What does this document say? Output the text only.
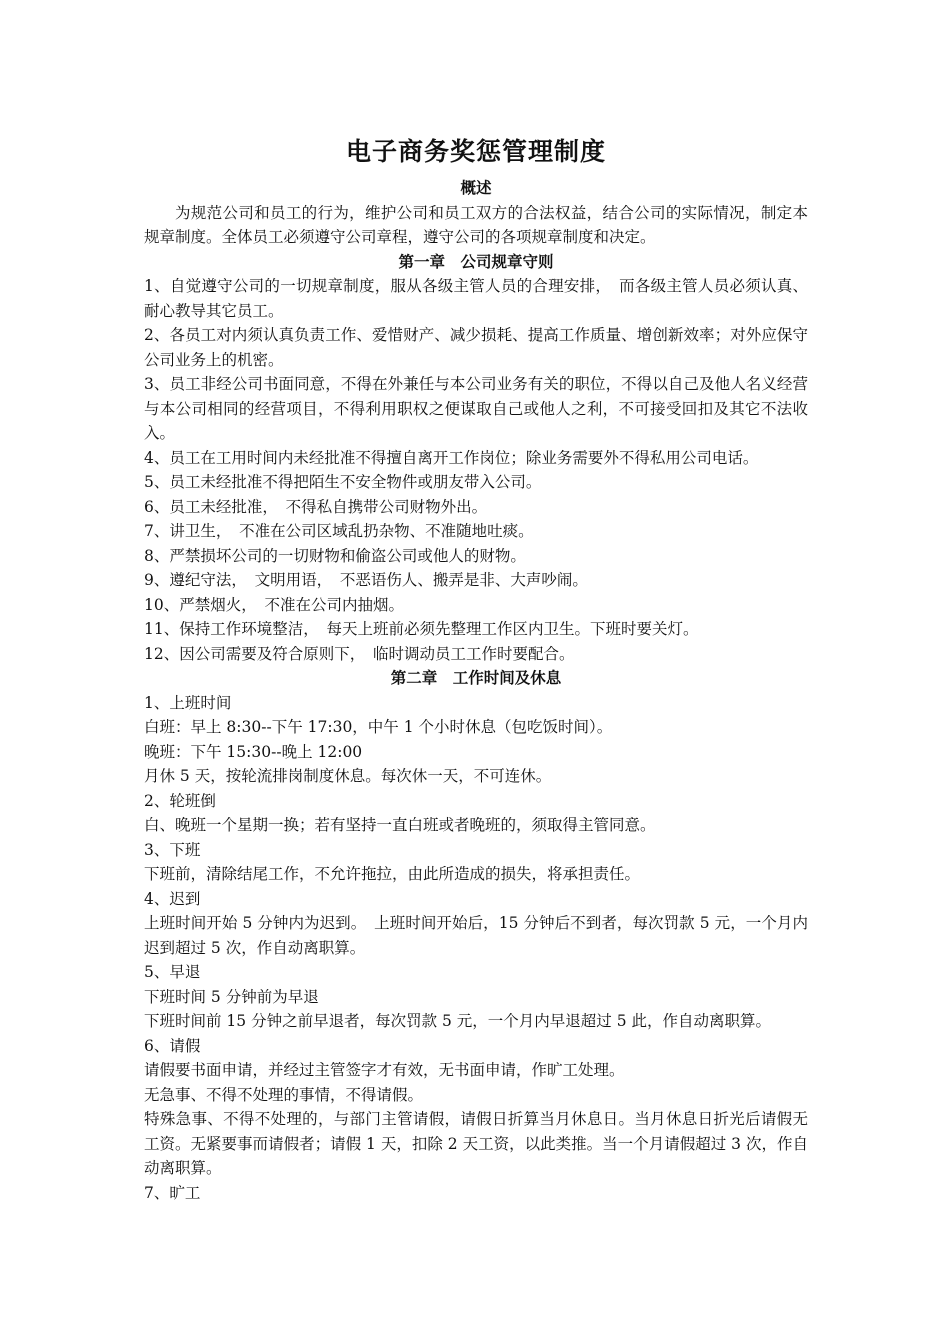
电子商务奖惩管理制度
概述

为规范公司和员工的行为，维护公司和员工双方的合法权益，结合公司的实际情况，制定本规章制度。全体员工必须遵守公司章程，遵守公司的各项规章制度和决定。

第一章　公司规章守则

1、自觉遵守公司的一切规章制度，服从各级主管人员的合理安排，　而各级主管人员必须认真、耐心教导其它员工。

2、各员工对内须认真负责工作、爱惜财产、减少损耗、提高工作质量、增创新效率；对外应保守公司业务上的机密。

3、员工非经公司书面同意，不得在外兼任与本公司业务有关的职位，不得以自己及他人名义经营与本公司相同的经营项目，不得利用职权之便谋取自己或他人之利，不可接受回扣及其它不法收入。

4、员工在工用时间内未经批准不得擅自离开工作岗位；除业务需要外不得私用公司电话。

5、员工未经批准不得把陌生不安全物件或朋友带入公司。

6、员工未经批准，　不得私自携带公司财物外出。

7、讲卫生，　不准在公司区域乱扔杂物、不准随地吐痰。

8、严禁损坏公司的一切财物和偷盗公司或他人的财物。

9、遵纪守法，　文明用语，　不恶语伤人、搬弄是非、大声吵闹。

10、严禁烟火，　不准在公司内抽烟。

11、保持工作环境整洁，　每天上班前必须先整理工作区内卫生。下班时要关灯。

12、因公司需要及符合原则下，　临时调动员工工作时要配合。

第二章　工作时间及休息

1、上班时间

白班：早上 8:30--下午 17:30，中午 1 个小时休息（包吃饭时间）。

晚班：下午 15:30--晚上 12:00

月休 5 天，按轮流排岗制度休息。每次休一天，不可连休。

2、轮班倒

白、晚班一个星期一换；若有坚持一直白班或者晚班的，须取得主管同意。

3、下班

下班前，清除结尾工作，不允许拖拉，由此所造成的损失，将承担责任。

4、迟到

上班时间开始 5 分钟内为迟到。　上班时间开始后，15 分钟后不到者，每次罚款 5 元，一个月内迟到超过 5 次，作自动离职算。

5、早退

下班时间 5 分钟前为早退

下班时间前 15 分钟之前早退者，每次罚款 5 元，一个月内早退超过 5 此，作自动离职算。

6、请假

请假要书面申请，并经过主管签字才有效，无书面申请，作旷工处理。

无急事、不得不处理的事情，不得请假。

特殊急事、不得不处理的，与部门主管请假，请假日折算当月休息日。当月休息日折光后请假无工资。无紧要事而请假者；请假 1 天，扣除 2 天工资，以此类推。当一个月请假超过 3 次，作自动离职算。

7、旷工
